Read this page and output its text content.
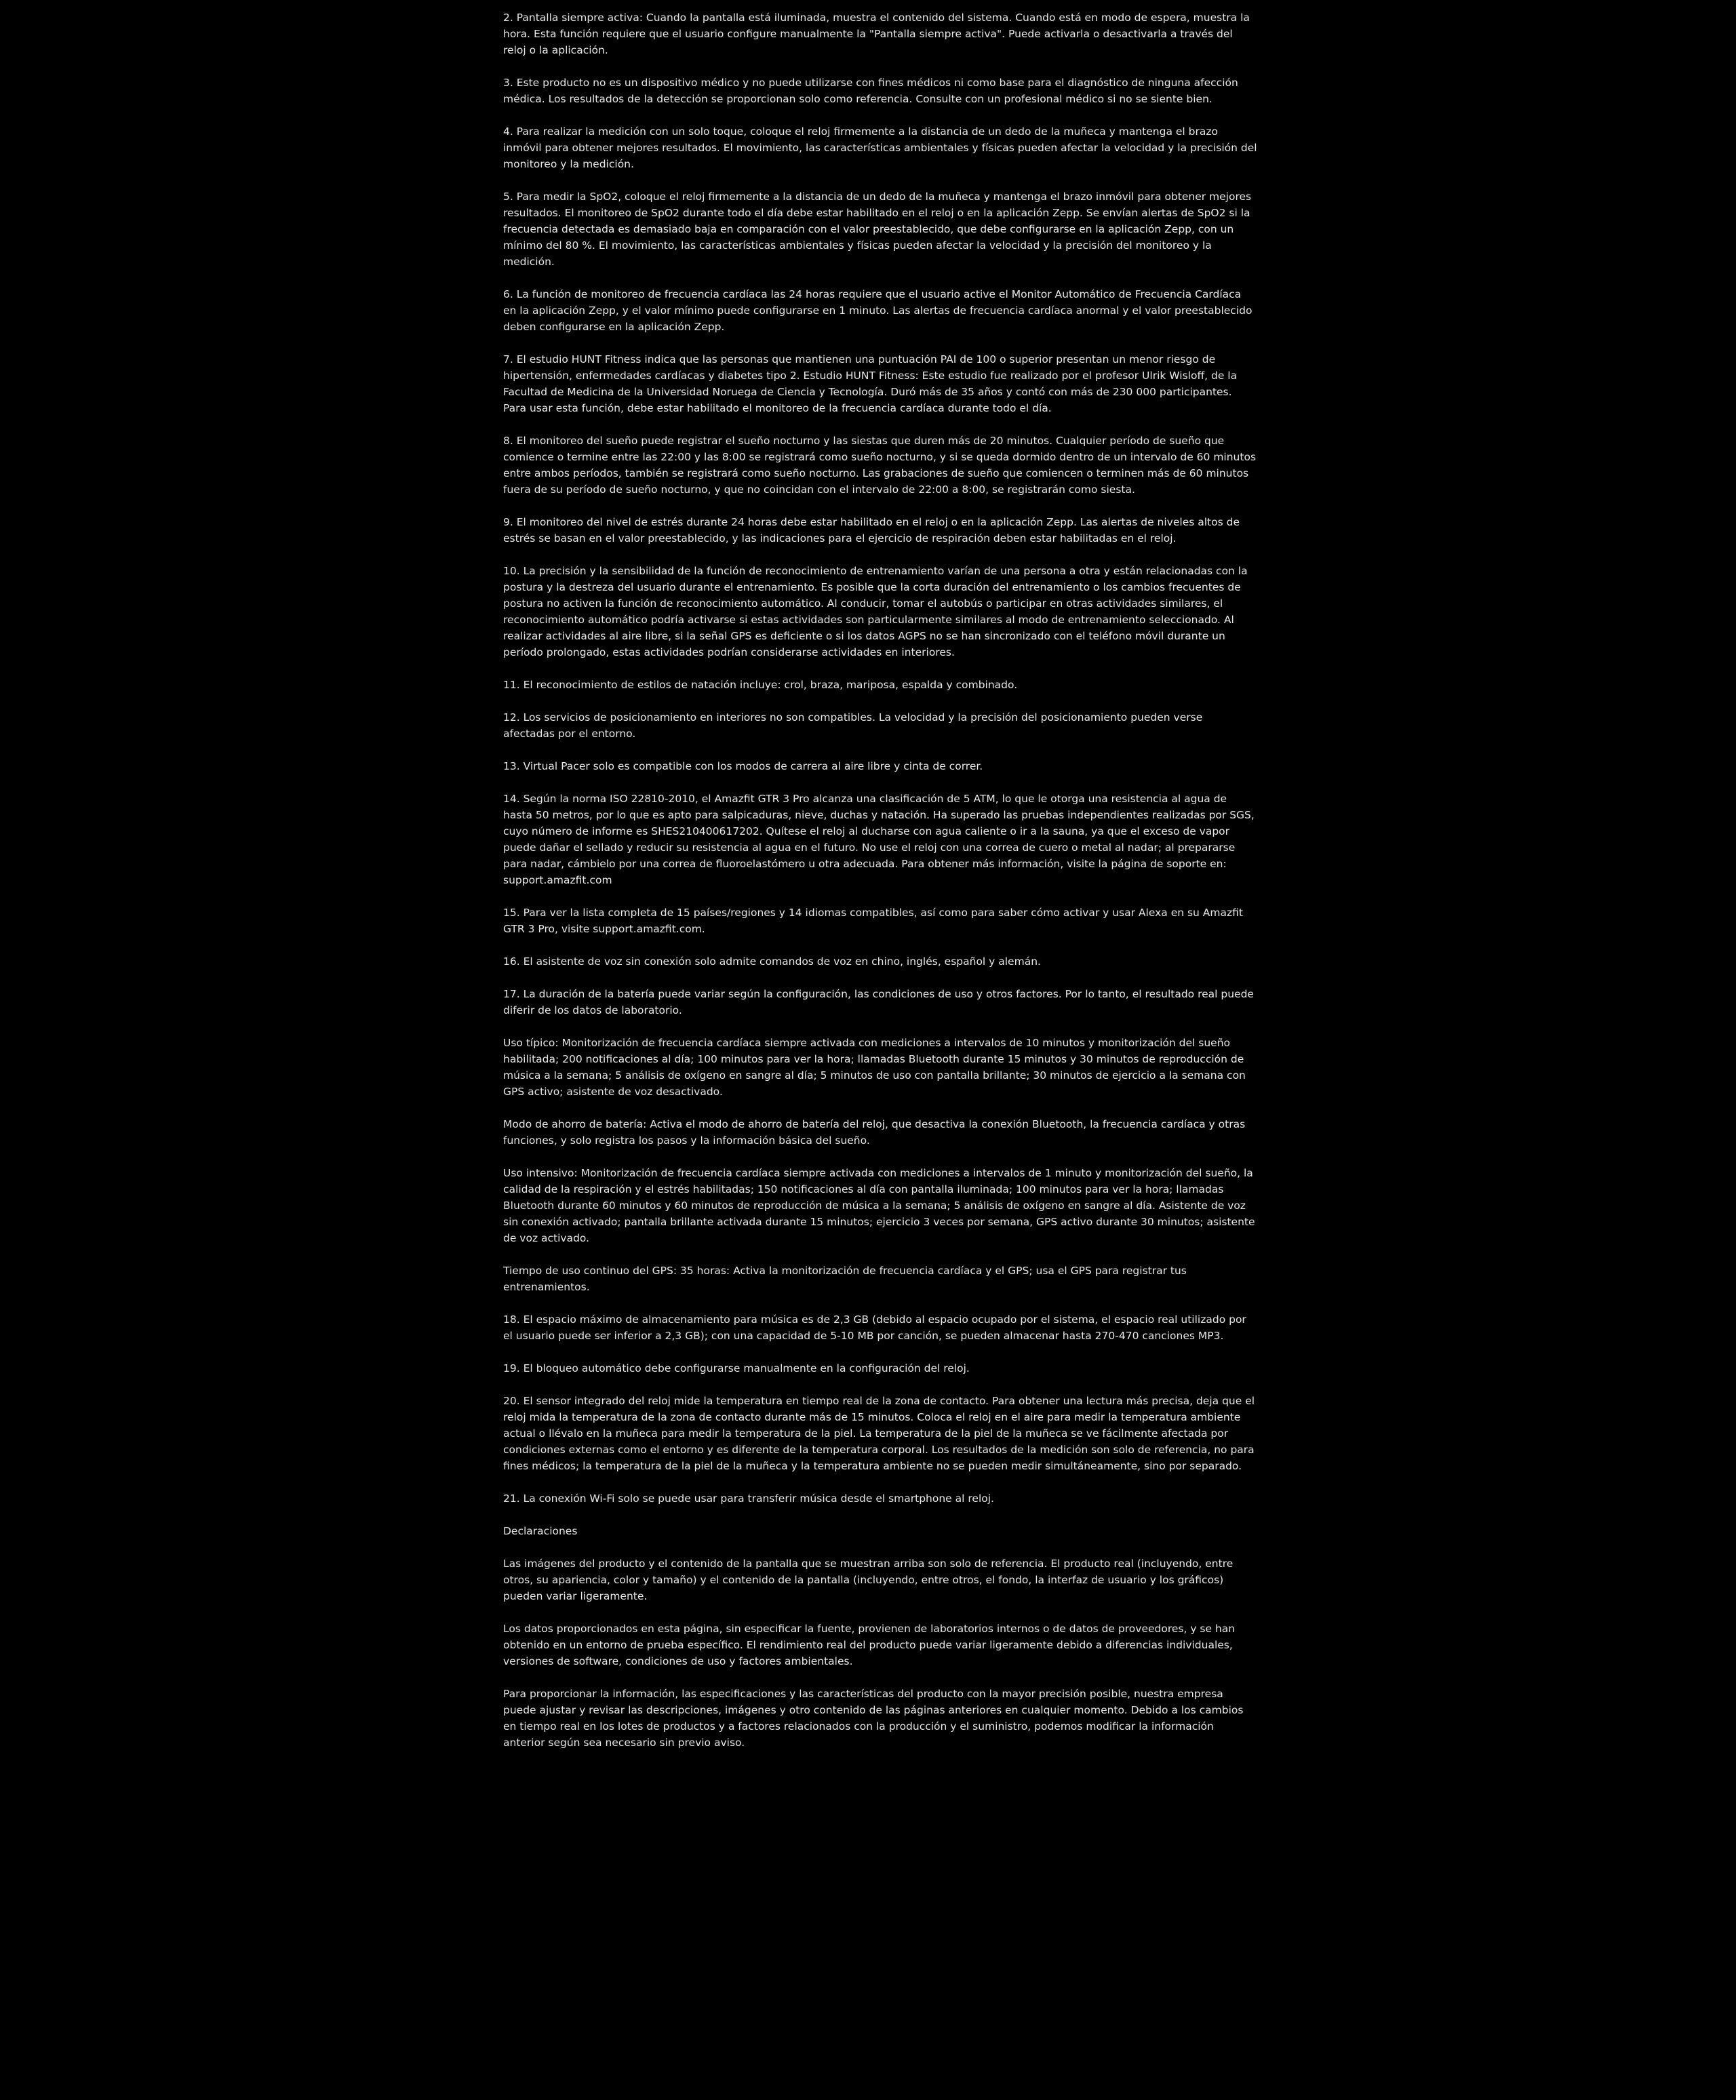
2. Pantalla siempre activa: Cuando la pantalla está iluminada, muestra el contenido del sistema. Cuando está en modo de espera, muestra la hora. Esta función requiere que el usuario configure manualmente la "Pantalla siempre activa". Puede activarla o desactivarla a través del reloj o la aplicación.

3. Este producto no es un dispositivo médico y no puede utilizarse con fines médicos ni como base para el diagnóstico de ninguna afección médica. Los resultados de la detección se proporcionan solo como referencia. Consulte con un profesional médico si no se siente bien.

4. Para realizar la medición con un solo toque, coloque el reloj firmemente a la distancia de un dedo de la muñeca y mantenga el brazo inmóvil para obtener mejores resultados. El movimiento, las características ambientales y físicas pueden afectar la velocidad y la precisión del monitoreo y la medición.

5. Para medir la SpO2, coloque el reloj firmemente a la distancia de un dedo de la muñeca y mantenga el brazo inmóvil para obtener mejores resultados. El monitoreo de SpO2 durante todo el día debe estar habilitado en el reloj o en la aplicación Zepp. Se envían alertas de SpO2 si la frecuencia detectada es demasiado baja en comparación con el valor preestablecido, que debe configurarse en la aplicación Zepp, con un mínimo del 80 %. El movimiento, las características ambientales y físicas pueden afectar la velocidad y la precisión del monitoreo y la medición.

6. La función de monitoreo de frecuencia cardíaca las 24 horas requiere que el usuario active el Monitor Automático de Frecuencia Cardíaca en la aplicación Zepp, y el valor mínimo puede configurarse en 1 minuto. Las alertas de frecuencia cardíaca anormal y el valor preestablecido deben configurarse en la aplicación Zepp.

7. El estudio HUNT Fitness indica que las personas que mantienen una puntuación PAI de 100 o superior presentan un menor riesgo de hipertensión, enfermedades cardíacas y diabetes tipo 2. Estudio HUNT Fitness: Este estudio fue realizado por el profesor Ulrik Wisloff, de la Facultad de Medicina de la Universidad Noruega de Ciencia y Tecnología. Duró más de 35 años y contó con más de 230 000 participantes. Para usar esta función, debe estar habilitado el monitoreo de la frecuencia cardíaca durante todo el día.

8. El monitoreo del sueño puede registrar el sueño nocturno y las siestas que duren más de 20 minutos. Cualquier período de sueño que comience o termine entre las 22:00 y las 8:00 se registrará como sueño nocturno, y si se queda dormido dentro de un intervalo de 60 minutos entre ambos períodos, también se registrará como sueño nocturno. Las grabaciones de sueño que comiencen o terminen más de 60 minutos fuera de su período de sueño nocturno, y que no coincidan con el intervalo de 22:00 a 8:00, se registrarán como siesta.

9. El monitoreo del nivel de estrés durante 24 horas debe estar habilitado en el reloj o en la aplicación Zepp. Las alertas de niveles altos de estrés se basan en el valor preestablecido, y las indicaciones para el ejercicio de respiración deben estar habilitadas en el reloj.

10. La precisión y la sensibilidad de la función de reconocimiento de entrenamiento varían de una persona a otra y están relacionadas con la postura y la destreza del usuario durante el entrenamiento. Es posible que la corta duración del entrenamiento o los cambios frecuentes de postura no activen la función de reconocimiento automático. Al conducir, tomar el autobús o participar en otras actividades similares, el reconocimiento automático podría activarse si estas actividades son particularmente similares al modo de entrenamiento seleccionado. Al realizar actividades al aire libre, si la señal GPS es deficiente o si los datos AGPS no se han sincronizado con el teléfono móvil durante un período prolongado, estas actividades podrían considerarse actividades en interiores.

11. El reconocimiento de estilos de natación incluye: crol, braza, mariposa, espalda y combinado.

12. Los servicios de posicionamiento en interiores no son compatibles. La velocidad y la precisión del posicionamiento pueden verse afectadas por el entorno.

13. Virtual Pacer solo es compatible con los modos de carrera al aire libre y cinta de correr.

14. Según la norma ISO 22810-2010, el Amazfit GTR 3 Pro alcanza una clasificación de 5 ATM, lo que le otorga una resistencia al agua de hasta 50 metros, por lo que es apto para salpicaduras, nieve, duchas y natación. Ha superado las pruebas independientes realizadas por SGS, cuyo número de informe es SHES210400617202. Quítese el reloj al ducharse con agua caliente o ir a la sauna, ya que el exceso de vapor puede dañar el sellado y reducir su resistencia al agua en el futuro. No use el reloj con una correa de cuero o metal al nadar; al prepararse para nadar, cámbielo por una correa de fluoroelastómero u otra adecuada. Para obtener más información, visite la página de soporte en: support.amazfit.com

15. Para ver la lista completa de 15 países/regiones y 14 idiomas compatibles, así como para saber cómo activar y usar Alexa en su Amazfit GTR 3 Pro, visite support.amazfit.com.

16. El asistente de voz sin conexión solo admite comandos de voz en chino, inglés, español y alemán.

17. La duración de la batería puede variar según la configuración, las condiciones de uso y otros factores. Por lo tanto, el resultado real puede diferir de los datos de laboratorio.

Uso típico: Monitorización de frecuencia cardíaca siempre activada con mediciones a intervalos de 10 minutos y monitorización del sueño habilitada; 200 notificaciones al día; 100 minutos para ver la hora; llamadas Bluetooth durante 15 minutos y 30 minutos de reproducción de música a la semana; 5 análisis de oxígeno en sangre al día; 5 minutos de uso con pantalla brillante; 30 minutos de ejercicio a la semana con GPS activo; asistente de voz desactivado.

Modo de ahorro de batería: Activa el modo de ahorro de batería del reloj, que desactiva la conexión Bluetooth, la frecuencia cardíaca y otras funciones, y solo registra los pasos y la información básica del sueño.

Uso intensivo: Monitorización de frecuencia cardíaca siempre activada con mediciones a intervalos de 1 minuto y monitorización del sueño, la calidad de la respiración y el estrés habilitadas; 150 notificaciones al día con pantalla iluminada; 100 minutos para ver la hora; llamadas Bluetooth durante 60 minutos y 60 minutos de reproducción de música a la semana; 5 análisis de oxígeno en sangre al día. Asistente de voz sin conexión activado; pantalla brillante activada durante 15 minutos; ejercicio 3 veces por semana, GPS activo durante 30 minutos; asistente de voz activado.

Tiempo de uso continuo del GPS: 35 horas: Activa la monitorización de frecuencia cardíaca y el GPS; usa el GPS para registrar tus entrenamientos.

18. El espacio máximo de almacenamiento para música es de 2,3 GB (debido al espacio ocupado por el sistema, el espacio real utilizado por el usuario puede ser inferior a 2,3 GB); con una capacidad de 5-10 MB por canción, se pueden almacenar hasta 270-470 canciones MP3.

19. El bloqueo automático debe configurarse manualmente en la configuración del reloj.

20. El sensor integrado del reloj mide la temperatura en tiempo real de la zona de contacto. Para obtener una lectura más precisa, deja que el reloj mida la temperatura de la zona de contacto durante más de 15 minutos. Coloca el reloj en el aire para medir la temperatura ambiente actual o llévalo en la muñeca para medir la temperatura de la piel. La temperatura de la piel de la muñeca se ve fácilmente afectada por condiciones externas como el entorno y es diferente de la temperatura corporal. Los resultados de la medición son solo de referencia, no para fines médicos; la temperatura de la piel de la muñeca y la temperatura ambiente no se pueden medir simultáneamente, sino por separado.

21. La conexión Wi-Fi solo se puede usar para transferir música desde el smartphone al reloj.

Declaraciones

Las imágenes del producto y el contenido de la pantalla que se muestran arriba son solo de referencia. El producto real (incluyendo, entre otros, su apariencia, color y tamaño) y el contenido de la pantalla (incluyendo, entre otros, el fondo, la interfaz de usuario y los gráficos) pueden variar ligeramente.

Los datos proporcionados en esta página, sin especificar la fuente, provienen de laboratorios internos o de datos de proveedores, y se han obtenido en un entorno de prueba específico. El rendimiento real del producto puede variar ligeramente debido a diferencias individuales, versiones de software, condiciones de uso y factores ambientales.

Para proporcionar la información, las especificaciones y las características del producto con la mayor precisión posible, nuestra empresa puede ajustar y revisar las descripciones, imágenes y otro contenido de las páginas anteriores en cualquier momento. Debido a los cambios en tiempo real en los lotes de productos y a factores relacionados con la producción y el suministro, podemos modificar la información anterior según sea necesario sin previo aviso.
